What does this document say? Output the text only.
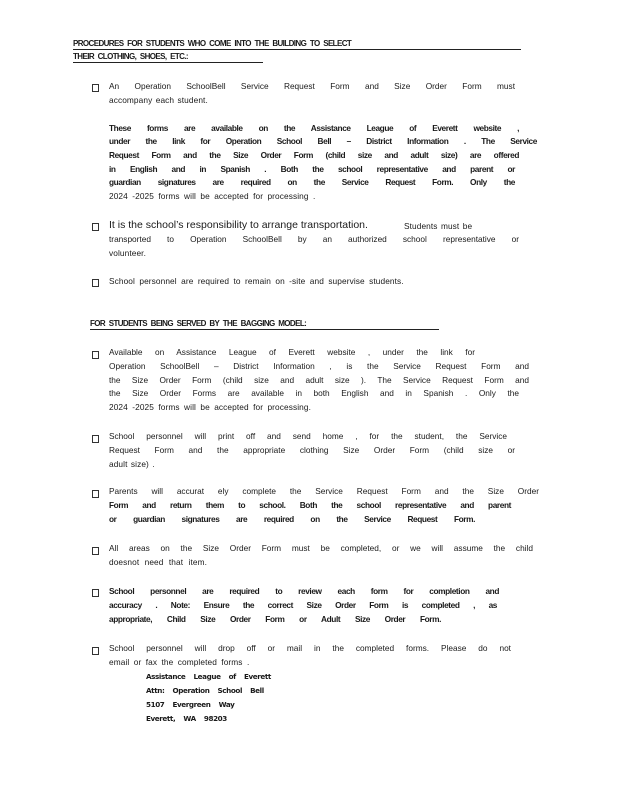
PROCEDURES FOR STUDENTS WHO COME INTO THE BUILDING TO SELECT
THEIR CLOTHING, SHOES, ETC.:
An Operation SchoolBell Service Request Form and Size Order Form must
accompany each student.
These forms are available on the Assistance League of Everett website ,
under the link for Operation School Bell – District Information . The Service
Request Form and the Size Order Form (child size and adult size) are offered
in English and in Spanish . Both the school representative and parent or
guardian signatures are required on the Service Request Form. Only the
2024 -2025 forms will be accepted for processing .
It is the school’s responsibility to arrange transportation.	Students must be
transported to Operation SchoolBell by an authorized school representative or
volunteer.
School personnel are required to remain on -site and supervise students.
FOR STUDENTS BEING SERVED BY THE BAGGING MODEL:
Available on Assistance League of Everett website , under the link for
Operation SchoolBell – District Information , is the Service Request Form and
the Size Order Form (child size and adult size ). The Service Request Form and
the Size Order Forms are available in both English and in Spanish . Only the
2024 -2025 forms will be accepted for processing.
School personnel will print off and send home , for the student, the Service
Request Form and the appropriate clothing Size Order Form (child size or
adult size) .
Parents will accurat ely complete the Service Request Form and the Size Order
Form and return them to school. Both the school representative and parent
or guardian signatures are required on the Service Request Form.
All areas on the Size Order Form must be completed, or we will assume the child
doesnot need that item.
School personnel are required to review each form for completion and
accuracy . Note: Ensure the correct Size Order Form is completed , as
appropriate, Child Size Order Form or Adult Size Order Form.
School personnel will drop off or mail in the completed forms. Please do not
email or fax the completed forms .
Assistance League of Everett
Attn: Operation School Bell
5107 Evergreen Way
Everett, WA 98203
